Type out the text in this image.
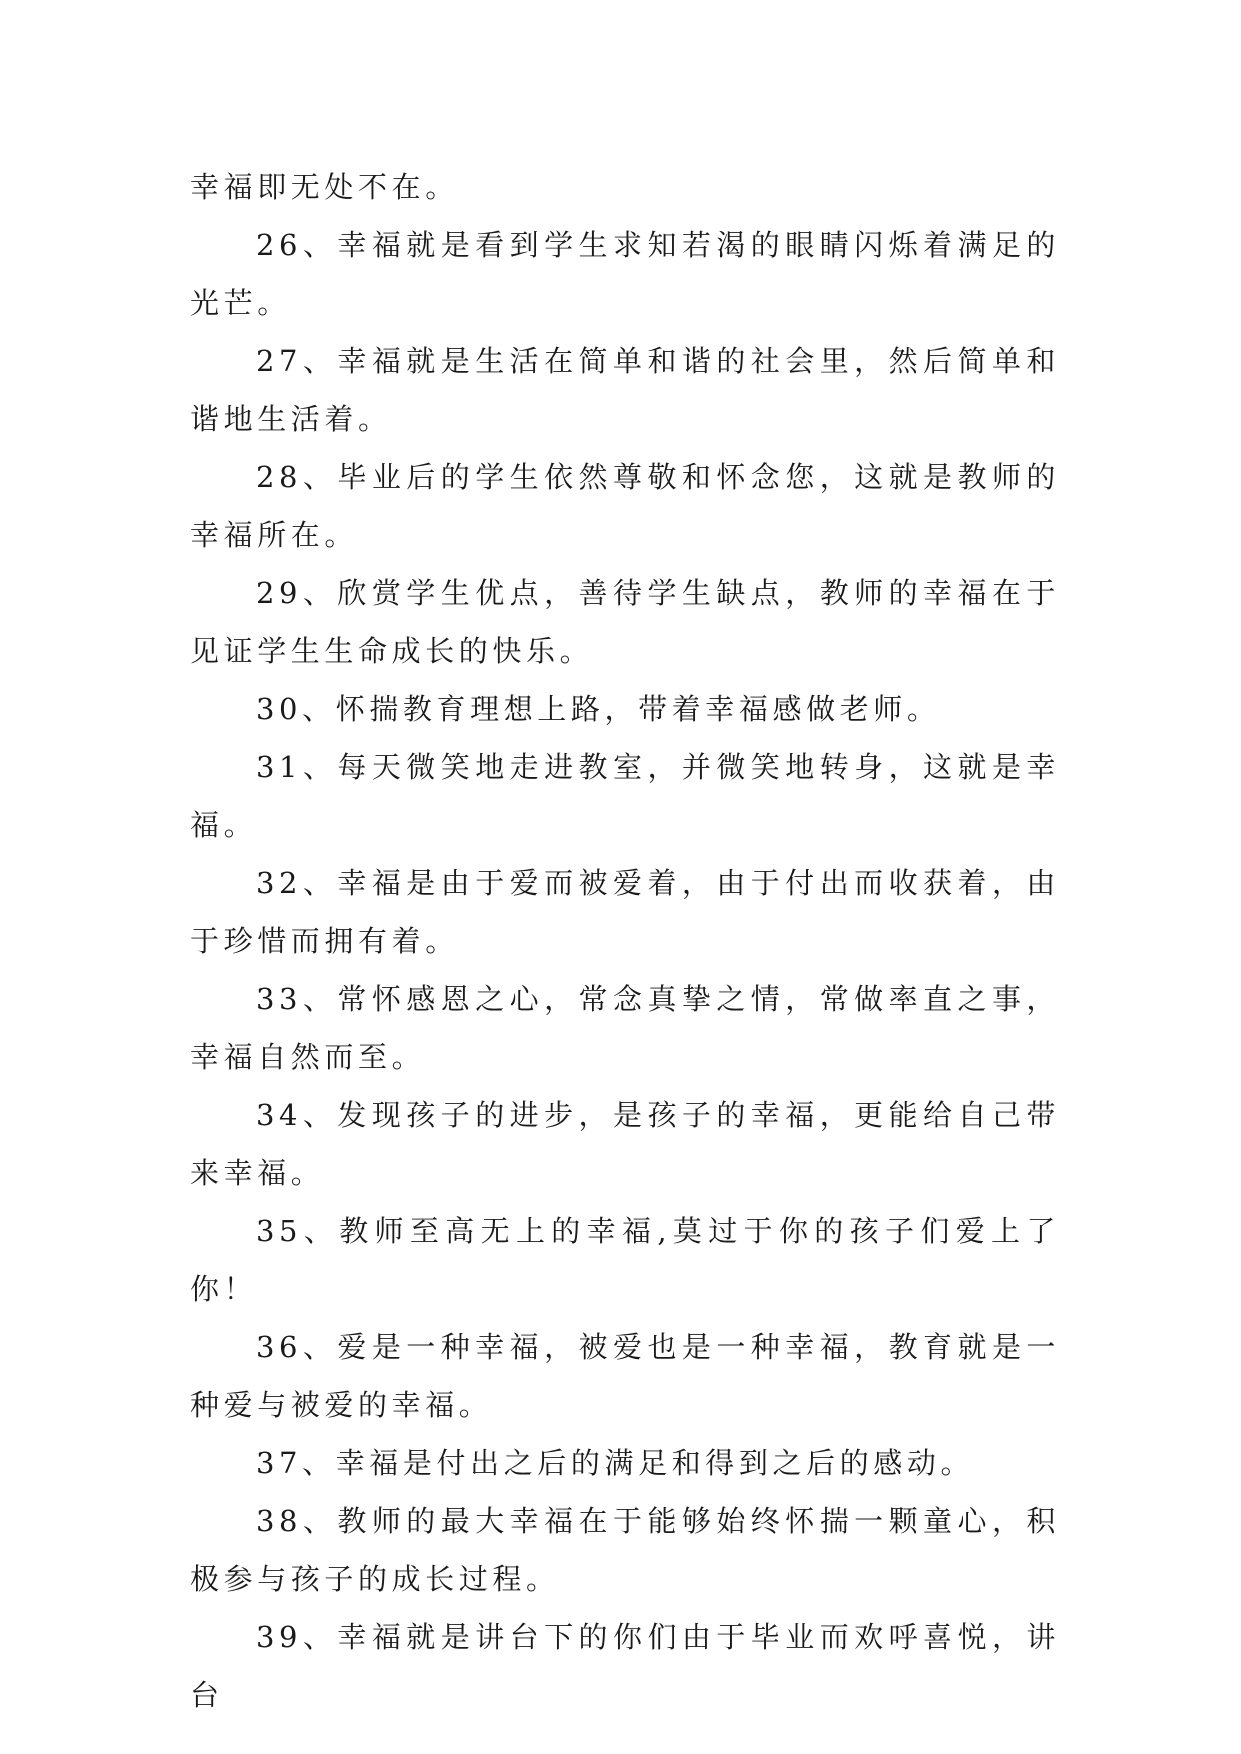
幸福即无处不在。

26、幸福就是看到学生求知若渴的眼睛闪烁着满足的光芒。

27、幸福就是生活在简单和谐的社会里，然后简单和谐地生活着。

28、毕业后的学生依然尊敬和怀念您，这就是教师的幸福所在。

29、欣赏学生优点，善待学生缺点，教师的幸福在于见证学生生命成长的快乐。

30、怀揣教育理想上路，带着幸福感做老师。

31、每天微笑地走进教室，并微笑地转身，这就是幸福。

32、幸福是由于爱而被爱着，由于付出而收获着，由于珍惜而拥有着。

33、常怀感恩之心，常念真挚之情，常做率直之事，幸福自然而至。

34、发现孩子的进步，是孩子的幸福，更能给自己带来幸福。

35、教师至高无上的幸福,莫过于你的孩子们爱上了你！

36、爱是一种幸福，被爱也是一种幸福，教育就是一种爱与被爱的幸福。

37、幸福是付出之后的满足和得到之后的感动。

38、教师的最大幸福在于能够始终怀揣一颗童心，积极参与孩子的成长过程。

39、幸福就是讲台下的你们由于毕业而欢呼喜悦，讲台
